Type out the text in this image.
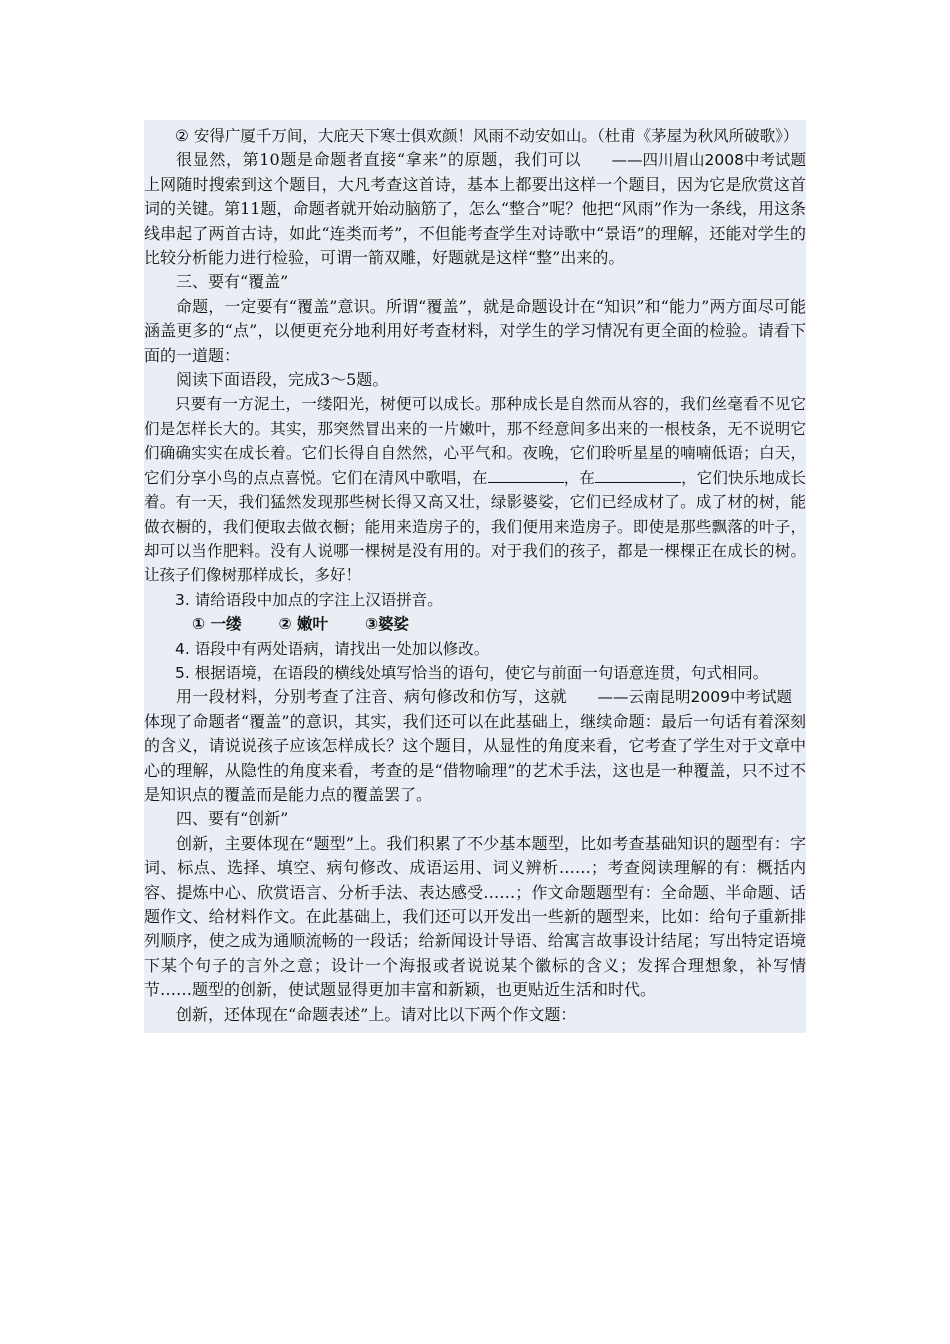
② 安得广厦千万间，大庇天下寒士俱欢颜！风雨不动安如山。（杜甫《茅屋为秋风所破歌》）
——四川眉山2008中考试题

很显然，第10题是命题者直接“拿来”的原题，我们可以上网随时搜索到这个题目，大凡考查这首诗，基本上都要出这样一个题目，因为它是欣赏这首词的关键。第11题，命题者就开始动脑筋了，怎么“整合”呢？他把“风雨”作为一条线，用这条线串起了两首古诗，如此“连类而考”，不但能考查学生对诗歌中“景语”的理解，还能对学生的比较分析能力进行检验，可谓一箭双雕，好题就是这样“整”出来的。

三、要有“覆盖”

命题，一定要有“覆盖”意识。所谓“覆盖”，就是命题设计在“知识”和“能力”两方面尽可能涵盖更多的“点”，以便更充分地利用好考查材料，对学生的学习情况有更全面的检验。请看下面的一道题：

阅读下面语段，完成3～5题。

只要有一方泥土，一缕阳光，树便可以成长。那种成长是自然而从容的，我们丝毫看不见它们是怎样长大的。其实，那突然冒出来的一片嫩叶，那不经意间多出来的一根枝条，无不说明它们确确实实在成长着。它们长得自自然然，心平气和。夜晚，它们聆听星星的喃喃低语；白天，它们分享小鸟的点点喜悦。它们在清风中歌唱，在	，在	，它们快乐地成长着。有一天，我们猛然发现那些树长得又高又壮，绿影婆娑，它们已经成材了。成了材的树，能做衣橱的，我们便取去做衣橱；能用来造房子的，我们便用来造房子。即使是那些飘落的叶子，却可以当作肥料。没有人说哪一棵树是没有用的。对于我们的孩子，都是一棵棵正在成长的树。让孩子们像树那样成长，多好！

3. 请给语段中加点的字注上汉语拼音。

① 一缕 ② 嫩叶 ③婆娑

4. 语段中有两处语病，请找出一处加以修改。

5. 根据语境，在语段的横线处填写恰当的语句，使它与前面一句语意连贯，句式相同。
——云南昆明2009中考试题

用一段材料，分别考查了注音、病句修改和仿写，这就体现了命题者“覆盖”的意识，其实，我们还可以在此基础上，继续命题：最后一句话有着深刻的含义，请说说孩子应该怎样成长？这个题目，从显性的角度来看，它考查了学生对于文章中心的理解，从隐性的角度来看，考查的是“借物喻理”的艺术手法，这也是一种覆盖，只不过不是知识点的覆盖而是能力点的覆盖罢了。

四、要有“创新”

创新，主要体现在“题型”上。我们积累了不少基本题型，比如考查基础知识的题型有：字词、标点、选择、填空、病句修改、成语运用、词义辨析……；考查阅读理解的有：概括内容、提炼中心、欣赏语言、分析手法、表达感受……；作文命题题型有：全命题、半命题、话题作文、给材料作文。在此基础上，我们还可以开发出一些新的题型来，比如：给句子重新排列顺序，使之成为通顺流畅的一段话；给新闻设计导语、给寓言故事设计结尾；写出特定语境下某个句子的言外之意；设计一个海报或者说说某个徽标的含义；发挥合理想象，补写情节……题型的创新，使试题显得更加丰富和新颖，也更贴近生活和时代。

创新，还体现在“命题表述”上。请对比以下两个作文题：
